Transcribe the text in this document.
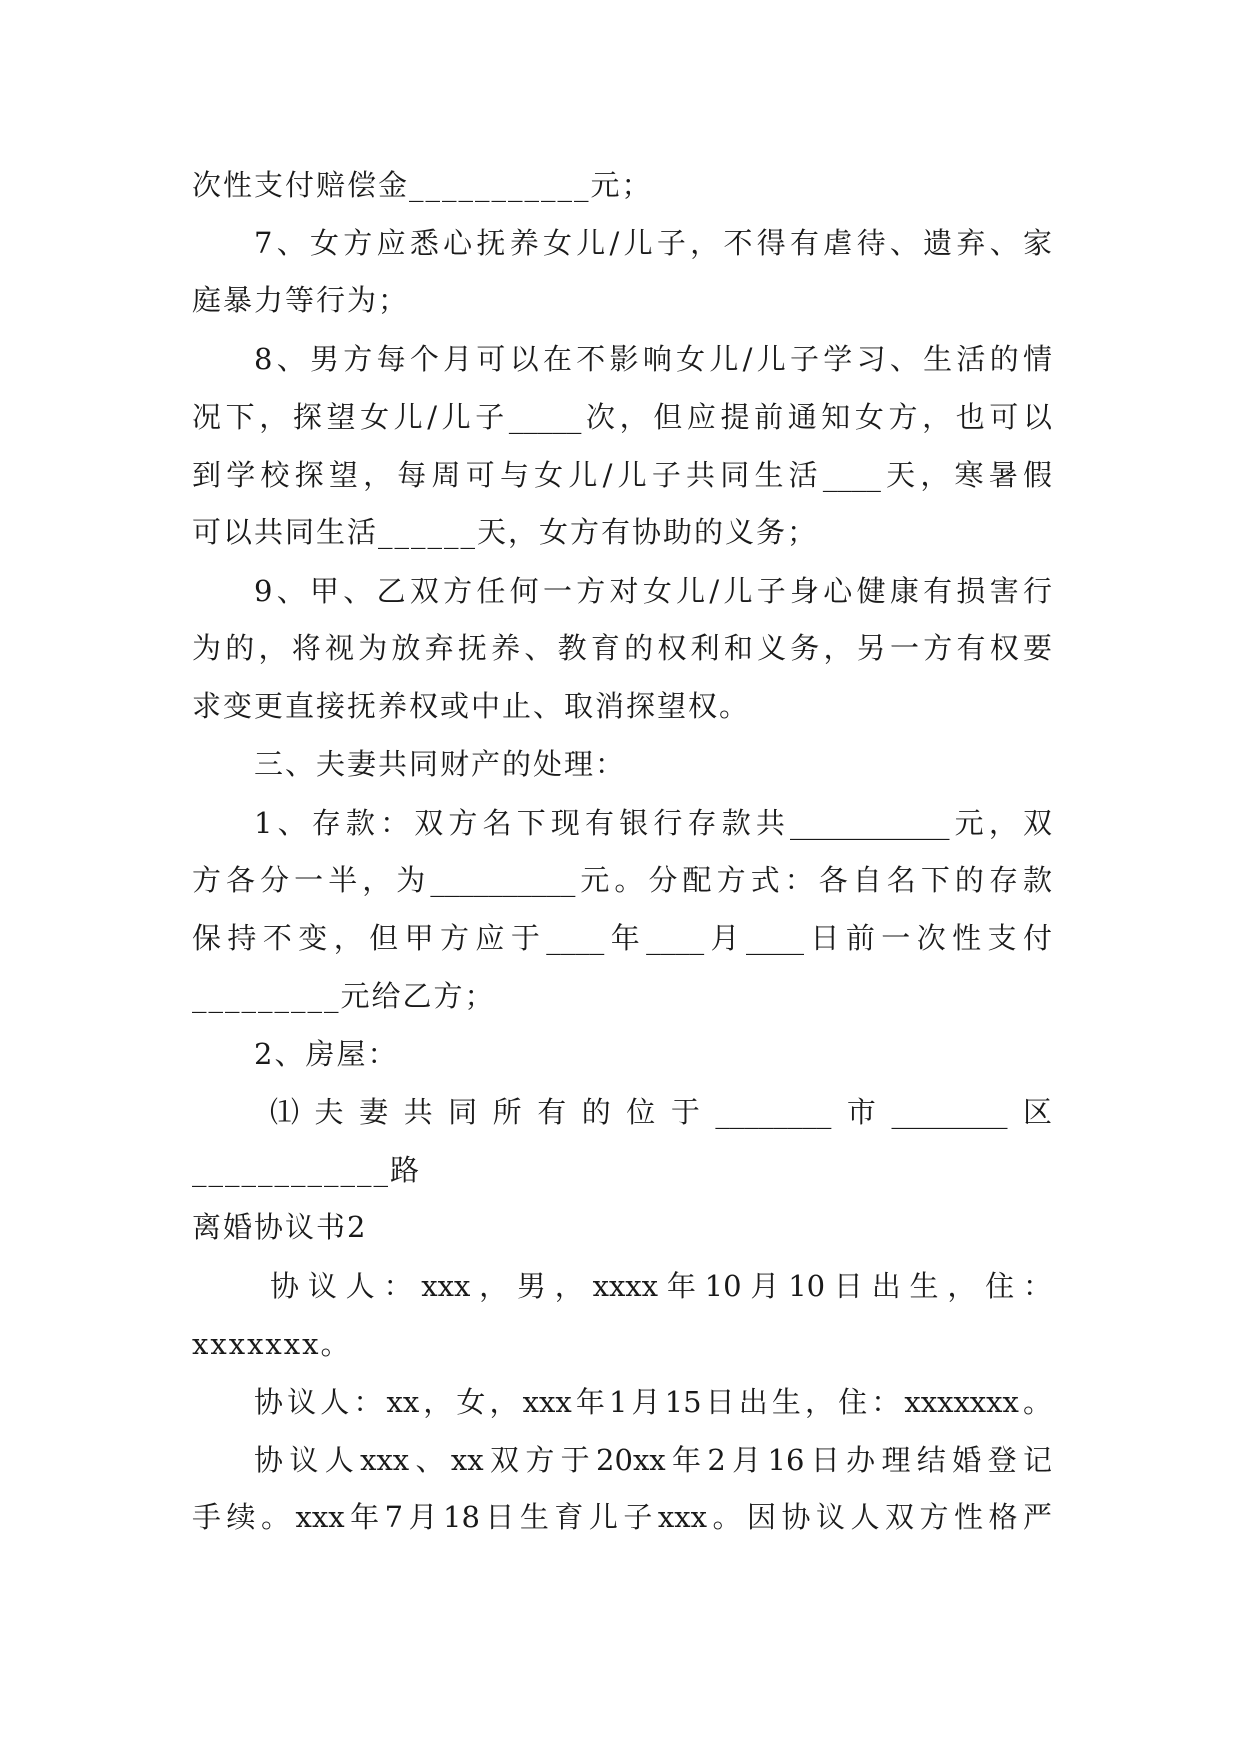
次性支付赔偿金___________元；
7、女方应悉心抚养女儿/儿子，不得有虐待、遗弃、家
庭暴力等行为；
8、男方每个月可以在不影响女儿/儿子学习、生活的情
况下，探望女儿/儿子_____次，但应提前通知女方，也可以
到学校探望，每周可与女儿/儿子共同生活____天，寒暑假
可以共同生活______天，女方有协助的义务；
9、甲、乙双方任何一方对女儿/儿子身心健康有损害行
为的，将视为放弃抚养、教育的权利和义务，另一方有权要
求变更直接抚养权或中止、取消探望权。
三、夫妻共同财产的处理：
1、存款：双方名下现有银行存款共___________元，双
方各分一半，为__________元。分配方式：各自名下的存款
保持不变，但甲方应于____年____月____日前一次性支付
_________元给乙方；
2、房屋：
⑴夫妻共同所有的位于________市________区
____________路
离婚协议书2
协议人：xxx，男，xxxx年10月10日出生，住：
xxxxxxx。
协议人：xx，女，xxx年1月15日出生，住：xxxxxxx。
协议人xxx、xx双方于20xx年2月16日办理结婚登记
手续。xxx年7月18日生育儿子xxx。因协议人双方性格严
